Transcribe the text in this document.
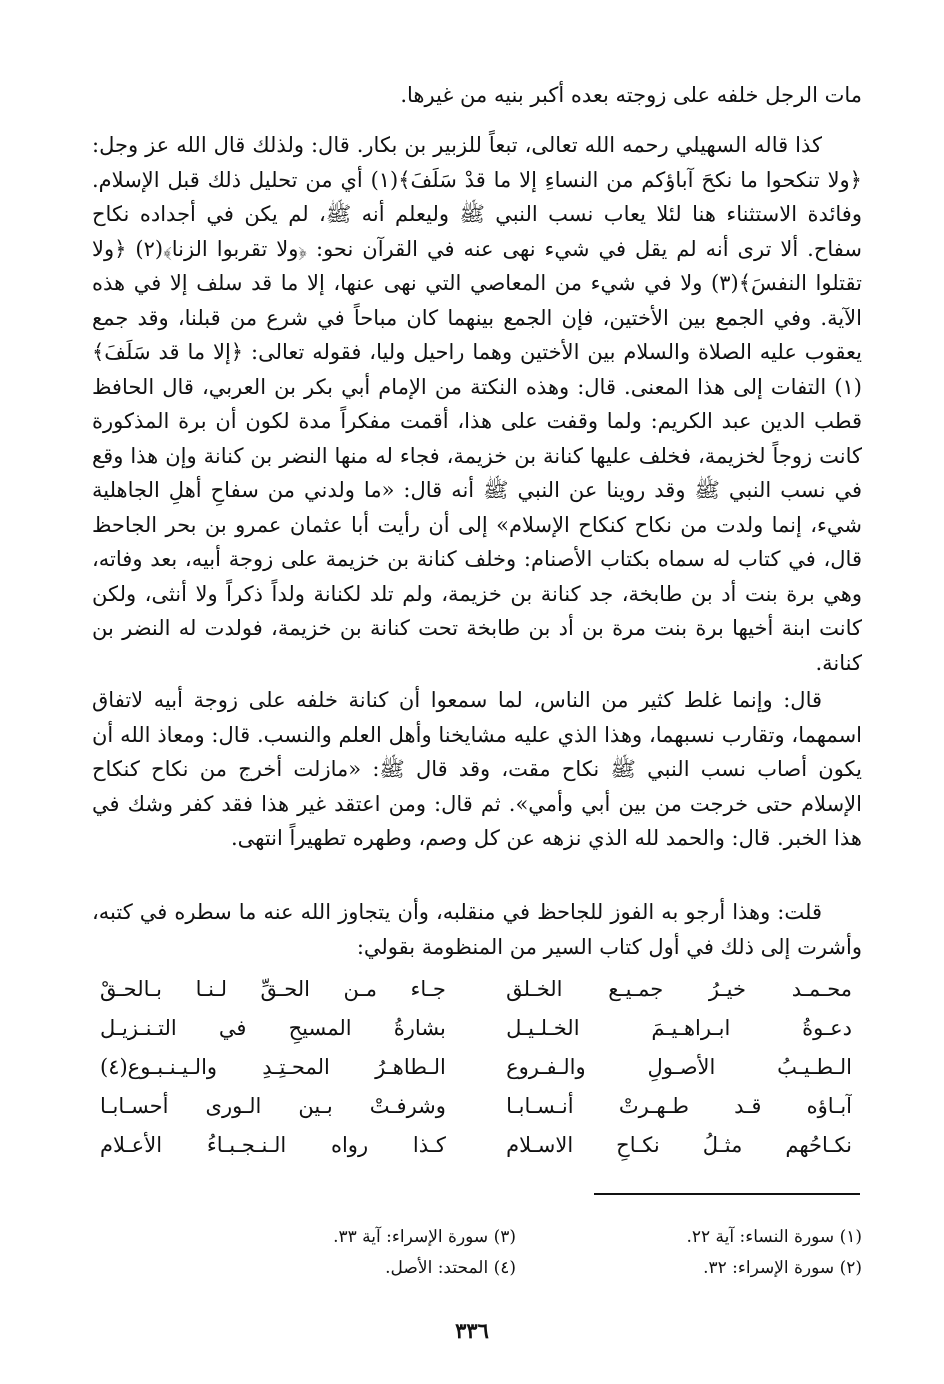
مات الرجل خلفه على زوجته بعده أكبر بنيه من غيرها.

كذا قاله السهيلي رحمه الله تعالى، تبعاً للزبير بن بكار. قال: ولذلك قال الله عز وجل: ﴿ولا تنكحوا ما نكحَ آباؤكم من النساءِ إلا ما قدْ سَلَفَ﴾(١) أي من تحليل ذلك قبل الإسلام. وفائدة الاستثناء هنا لئلا يعاب نسب النبي ﷺ وليعلم أنه ﷺ، لم يكن في أجداده نكاح سفاح. ألا ترى أنه لم يقل في شيء نهى عنه في القرآن نحو: ﴿ولا تقربوا الزنا﴾(٢) ﴿ولا تقتلوا النفسَ﴾(٣) ولا في شيء من المعاصي التي نهى عنها، إلا ما قد سلف إلا في هذه الآية. وفي الجمع بين الأختين، فإن الجمع بينهما كان مباحاً في شرع من قبلنا، وقد جمع يعقوب عليه الصلاة والسلام بين الأختين وهما راحيل وليا، فقوله تعالى: ﴿إلا ما قد سَلَفَ﴾(١) التفات إلى هذا المعنى. قال: وهذه النكتة من الإمام أبي بكر بن العربي، قال الحافظ قطب الدين عبد الكريم: ولما وقفت على هذا، أقمت مفكراً مدة لكون أن برة المذكورة كانت زوجاً لخزيمة، فخلف عليها كنانة بن خزيمة، فجاء له منها النضر بن كنانة وإن هذا وقع في نسب النبي ﷺ وقد روينا عن النبي ﷺ أنه قال: «ما ولدني من سفاحِ أهلِ الجاهلية شيء، إنما ولدت من نكاح كنكاح الإسلام» إلى أن رأيت أبا عثمان عمرو بن بحر الجاحظ قال، في كتاب له سماه بكتاب الأصنام: وخلف كنانة بن خزيمة على زوجة أبيه، بعد وفاته، وهي برة بنت أد بن طابخة، جد كنانة بن خزيمة، ولم تلد لكنانة ولداً ذكراً ولا أنثى، ولكن كانت ابنة أخيها برة بنت مرة بن أد بن طابخة تحت كنانة بن خزيمة، فولدت له النضر بن كنانة.

قال: وإنما غلط كثير من الناس، لما سمعوا أن كنانة خلفه على زوجة أبيه لاتفاق اسمهما، وتقارب نسبهما، وهذا الذي عليه مشايخنا وأهل العلم والنسب. قال: ومعاذ الله أن يكون أصاب نسب النبي ﷺ نكاح مقت، وقد قال ﷺ: «مازلت أخرج من نكاح كنكاح الإسلام حتى خرجت من بين أبي وأمي». ثم قال: ومن اعتقد غير هذا فقد كفر وشك في هذا الخبر. قال: والحمد لله الذي نزهه عن كل وصم، وطهره تطهيراً انتهى.

قلت: وهذا أرجو به الفوز للجاحظ في منقلبه، وأن يتجاوز الله عنه ما سطره في كتبه، وأشرت إلى ذلك في أول كتاب السير من المنظومة بقولي:

محـمـد خيـرُ جمـيـع الخـلق
جـاء مـن الحـقِّ لـنـا بـالحـقْ
دعـوةُ ابـراهـيـمَ الخـلـيـل
بشارةُ المسيحِ في التـنـزيـل
الـطـيـبُ الأصـولِ والـفـروع
الـطاهـرُ المحـتِـدِ والـيـنـبـوع(٤)
آبـاؤه قـد طـهـرتْ أنـسـابـا
وشرفـتْ بـين الـورى أحسـابـا
نكـاحُهم مثـلُ نكـاحِ الاسـلام
كـذا رواه الـنـجـبـاءُ الأعـلام
(١) سورة النساء: آية ٢٢.
(٣) سورة الإسراء: آية ٣٣.
(٢) سورة الإسراء: ٣٢.
(٤) المحتد: الأصل.
٣٣٦
